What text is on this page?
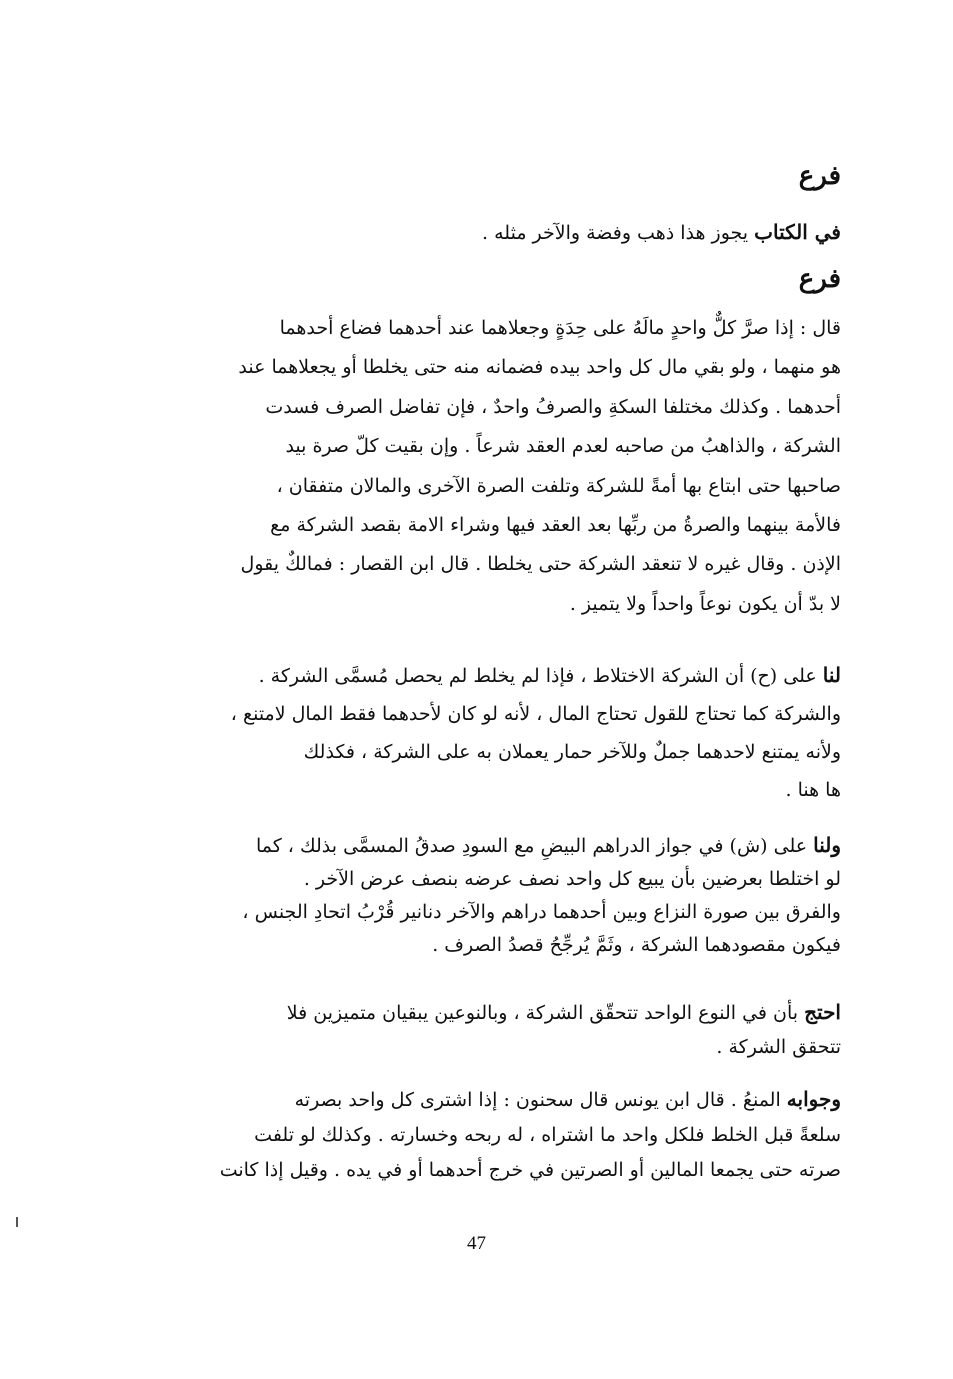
فرع

في الكتاب يجوز هذا ذهب وفضة والآخر مثله .

فرع

قال : إذا صرَّ كلٌّ واحدٍ مالَهُ على حِدَةٍ وجعلاهما عند أحدهما فضاع أحدهما

هو منهما ، ولو بقي مال كل واحد بيده فضمانه منه حتى يخلطا أو يجعلاهما عند

أحدهما . وكذلك مختلفا السكةِ والصرفُ واحدٌ ، فإن تفاضل الصرف فسدت

الشركة ، والذاهبُ من صاحبه لعدم العقد شرعاً . وإن بقيت كلّ صرة بيد

صاحبها حتى ابتاع بها أمةً للشركة وتلفت الصرة الآخرى والمالان متفقان ،

فالأمة بينهما والصرةُ من ربِّها بعد العقد فيها وشراء الامة بقصد الشركة مع

الإذن . وقال غيره لا تنعقد الشركة حتى يخلطا . قال ابن القصار : فمالكٌ يقول

لا بدّ أن يكون نوعاً واحداً ولا يتميز .

لنا على (ح) أن الشركة الاختلاط ، فإذا لم يخلط لم يحصل مُسمَّى الشركة .

والشركة كما تحتاج للقول تحتاج المال ، لأنه لو كان لأحدهما فقط المال لامتنع ،

ولأنه يمتنع لاحدهما جملٌ وللآخر حمار يعملان به على الشركة ، فكذلك

ها هنا .

ولنا على (ش) في جواز الدراهم البيضِ مع السودِ صدقُ المسمَّى بذلك ، كما

لو اختلطا بعرضين بأن يبيع كل واحد نصف عرضه بنصف عرض الآخر .

والفرق بين صورة النزاع وبين أحدهما دراهم والآخر دنانير قُرْبُ اتحادِ الجنس ،

فيكون مقصودهما الشركة ، وثَمَّ يُرجِّحُ قصدُ الصرف .

احتج بأن في النوع الواحد تتحقّق الشركة ، وبالنوعين يبقيان متميزين فلا

تتحقق الشركة .

وجوابه المنعُ . قال ابن يونس قال سحنون : إذا اشترى كل واحد بصرته

سلعةً قبل الخلط فلكل واحد ما اشتراه ، له ربحه وخسارته . وكذلك لو تلفت

صرته حتى يجمعا المالين أو الصرتين في خرج أحدهما أو في يده . وقيل إذا كانت

47
